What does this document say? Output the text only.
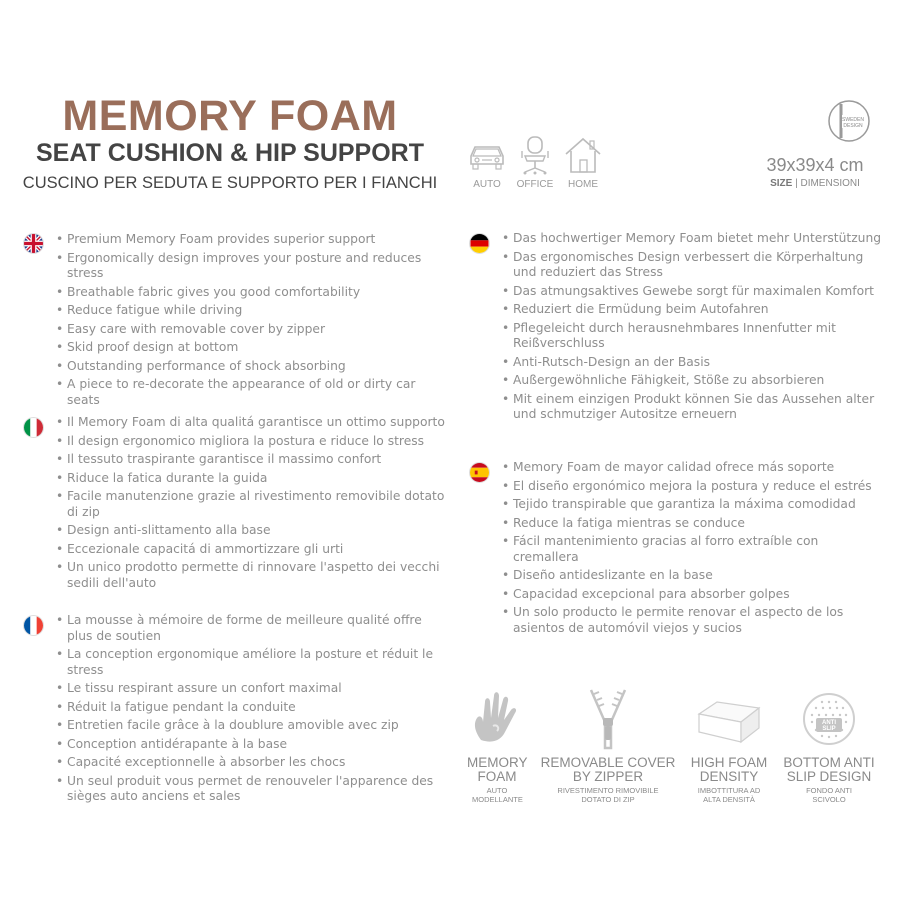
MEMORY FOAM
SEAT CUSHION & HIP SUPPORT
CUSCINO PER SEDUTA E SUPPORTO PER I FIANCHI	AUTO OFFICE HOME
SWEDEN
DESIGN
39x39x4 cm
SIZE | DIMENSIONI
• Premium Memory Foam provides superior support
• Ergonomically design improves your posture and reduces stress
• Breathable fabric gives you good comfortability
• Reduce fatigue while driving
• Easy care with removable cover by zipper
• Skid proof design at bottom
• Outstanding performance of shock absorbing
• A piece to re-decorate the appearance of old or dirty car seats
• Il Memory Foam di alta qualitá garantisce un ottimo supporto
• Il design ergonomico migliora la postura e riduce lo stress
• Il tessuto traspirante garantisce il massimo confort
• Riduce la fatica durante la guida
• Facile manutenzione grazie al rivestimento removibile dotato di zip
• Design anti-slittamento alla base
• Eccezionale capacitá di ammortizzare gli urti
• Un unico prodotto permette di rinnovare l'aspetto dei vecchi sedili dell'auto
• La mousse à mémoire de forme de meilleure qualité offre plus de soutien
• La conception ergonomique améliore la posture et réduit le stress
• Le tissu respirant assure un confort maximal
• Réduit la fatigue pendant la conduite
• Entretien facile grâce à la doublure amovible avec zip
• Conception antidérapante à la base
• Capacité exceptionnelle à absorber les chocs
• Un seul produit vous permet de renouveler l'apparence des sièges auto anciens et sales
• Das hochwertiger Memory Foam bietet mehr Unterstützung
• Das ergonomisches Design verbessert die Körperhaltung und reduziert das Stress
• Das atmungsaktives Gewebe sorgt für maximalen Komfort
• Reduziert die Ermüdung beim Autofahren
• Pflegeleicht durch herausnehmbares Innenfutter mit Reißverschluss
• Anti-Rutsch-Design an der Basis
• Außergewöhnliche Fähigkeit, Stöße zu absorbieren
• Mit einem einzigen Produkt können Sie das Aussehen alter und schmutziger Autositze erneuern
• Memory Foam de mayor calidad ofrece más soporte
• El diseño ergonómico mejora la postura y reduce el estrés
• Tejido transpirable que garantiza la máxima comodidad
• Reduce la fatiga mientras se conduce
• Fácil mantenimiento gracias al forro extraíble con cremallera
• Diseño antideslizante en la base
• Capacidad excepcional para absorber golpes
• Un solo producto le permite renovar el aspecto de los asientos de automóvil viejos y sucios
MEMORY FOAM
AUTO MODELLANTE
REMOVABLE COVER BY ZIPPER
RIVESTIMENTO RIMOVIBILE DOTATO DI ZIP
HIGH FOAM DENSITY
IMBOTTITURA AD ALTA DENSITÀ
ANTI
SLIP
BOTTOM ANTI SLIP DESIGN
FONDO ANTI SCIVOLO
